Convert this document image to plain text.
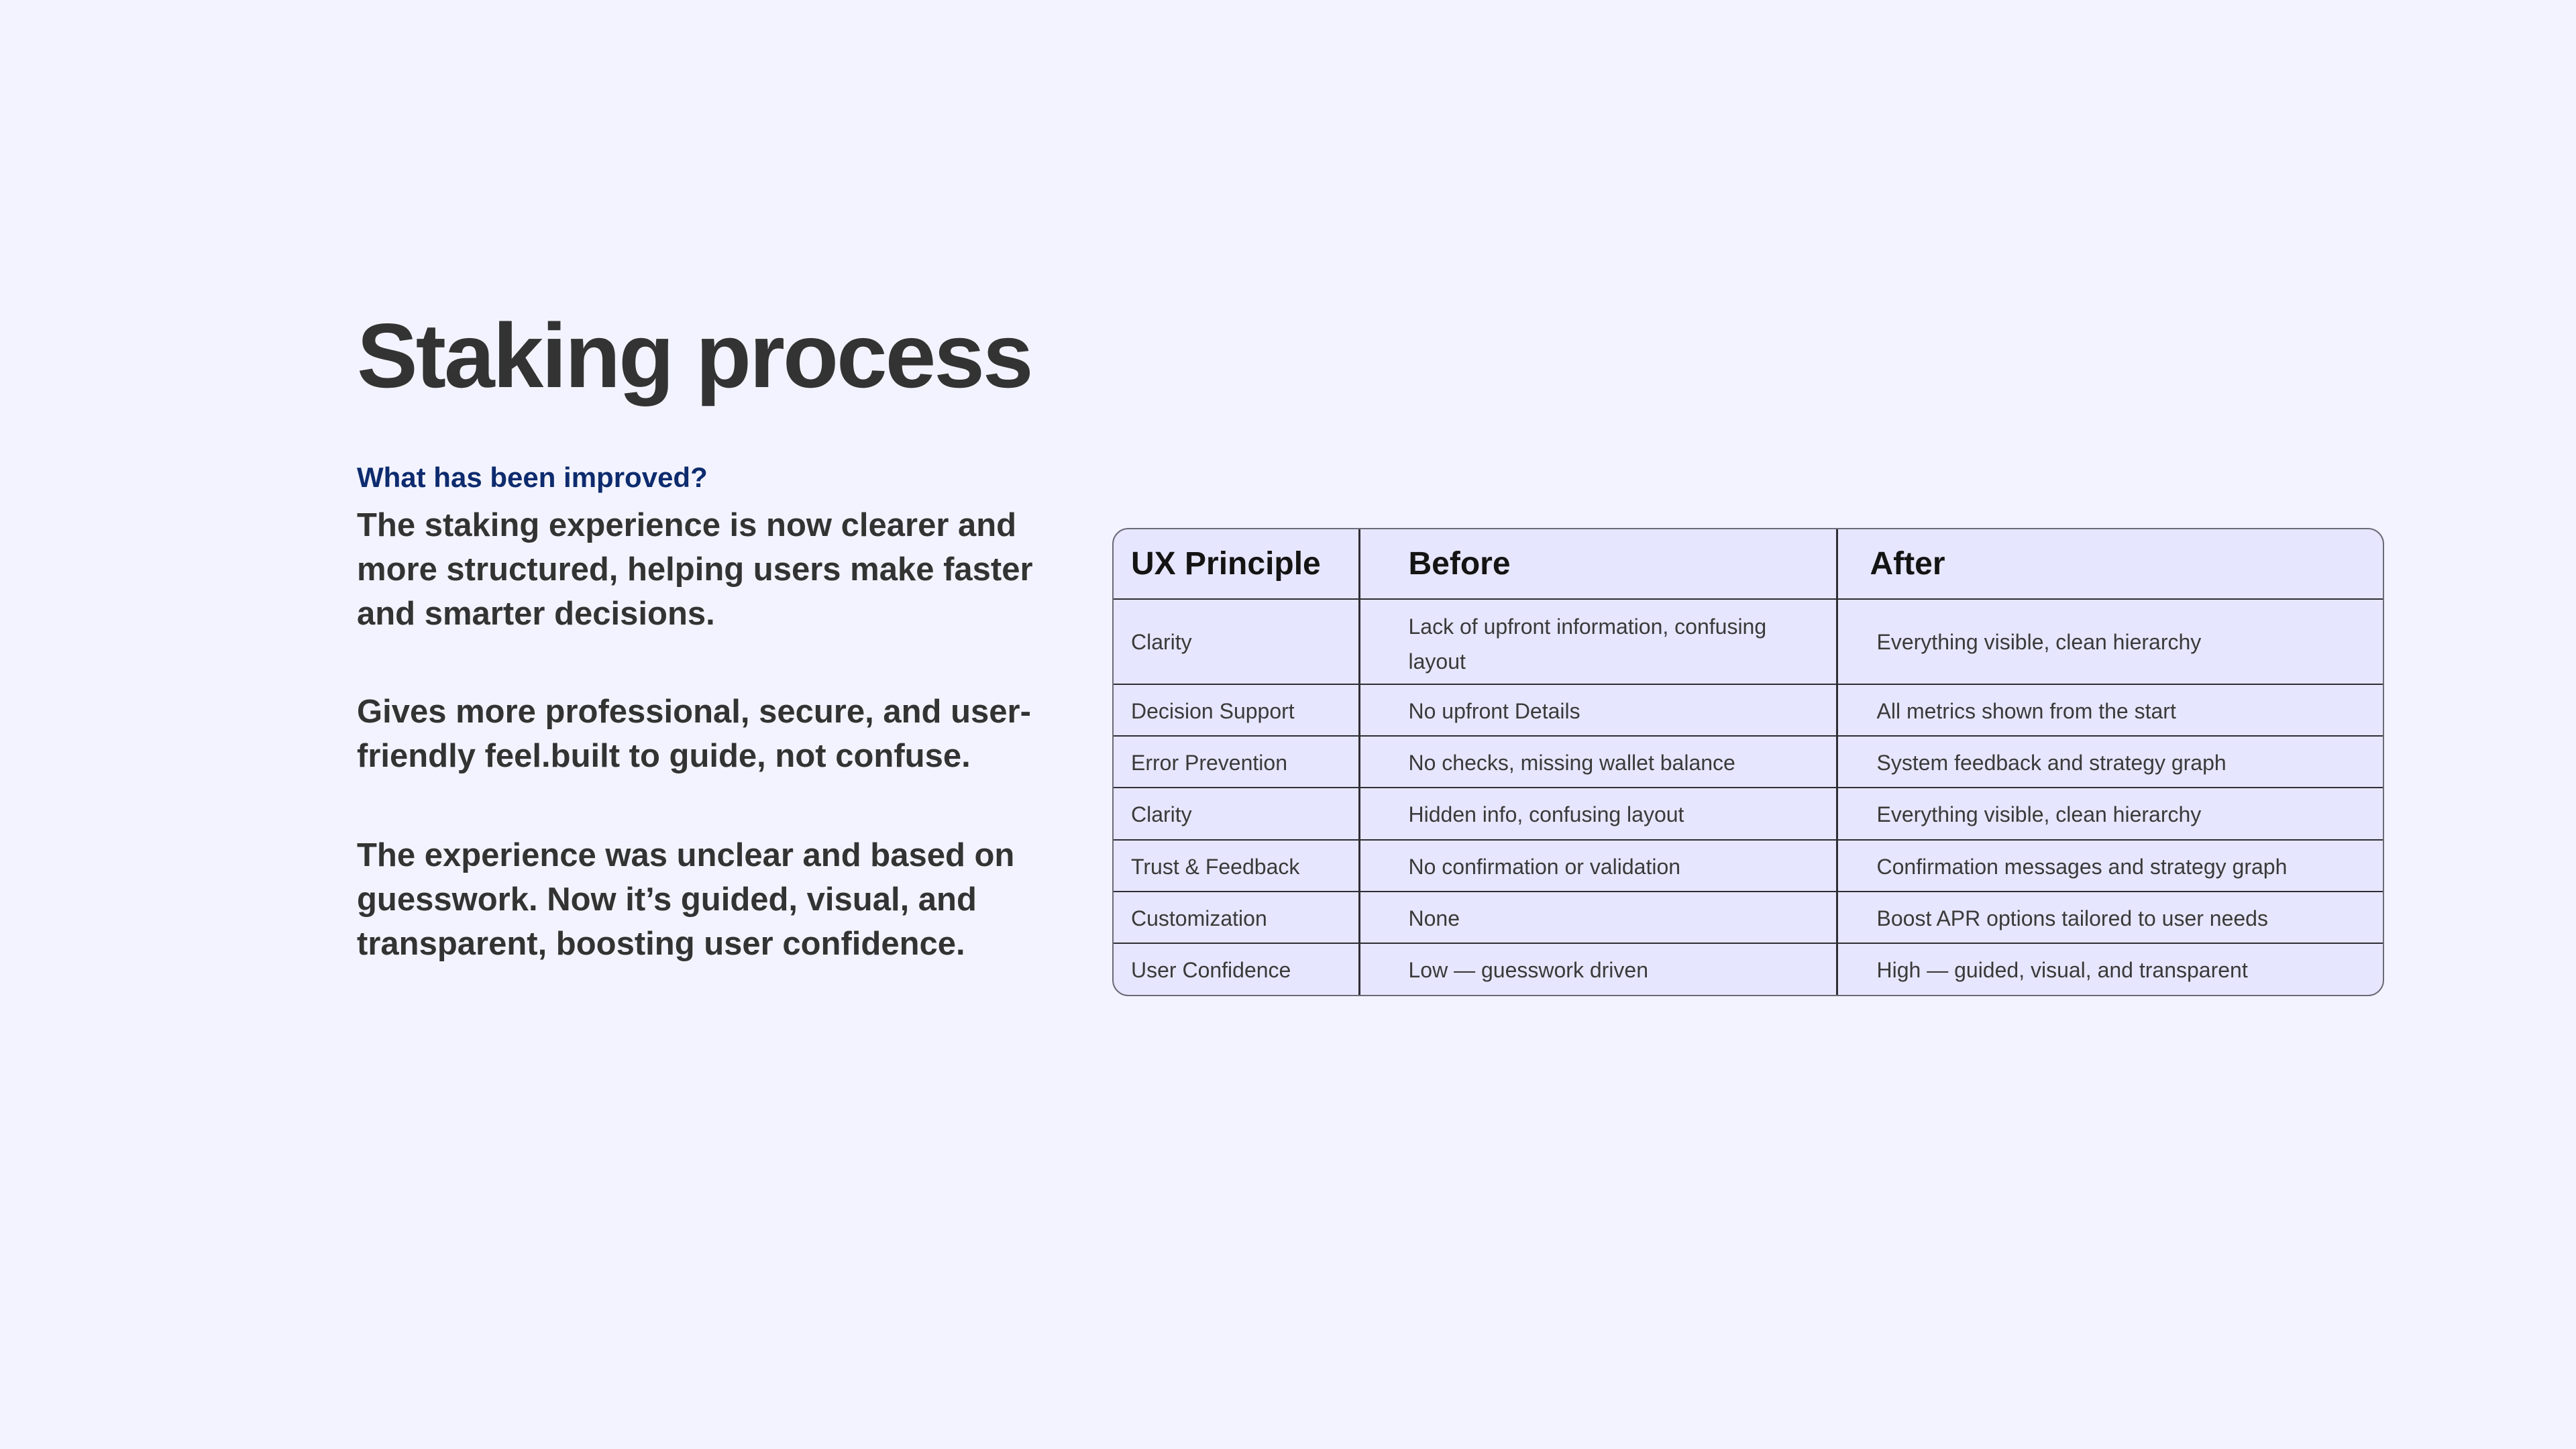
Staking process
What has been improved?

The staking experience is now clearer and more structured, helping users make faster and smarter decisions.

Gives more professional, secure, and user-friendly feel.built to guide, not confuse.

The experience was unclear and based on guesswork. Now it’s guided, visual, and transparent, boosting user confidence.

UX Principle	Before	After
Clarity	Lack of upfront information, confusing layout	Everything visible, clean hierarchy
Decision Support	No upfront Details	All metrics shown from the start
Error Prevention	No checks, missing wallet balance	System feedback and strategy graph
Clarity	Hidden info, confusing layout	Everything visible, clean hierarchy
Trust & Feedback	No confirmation or validation	Confirmation messages and strategy graph
Customization	None	Boost APR options tailored to user needs
User Confidence	Low — guesswork driven	High — guided, visual, and transparent
